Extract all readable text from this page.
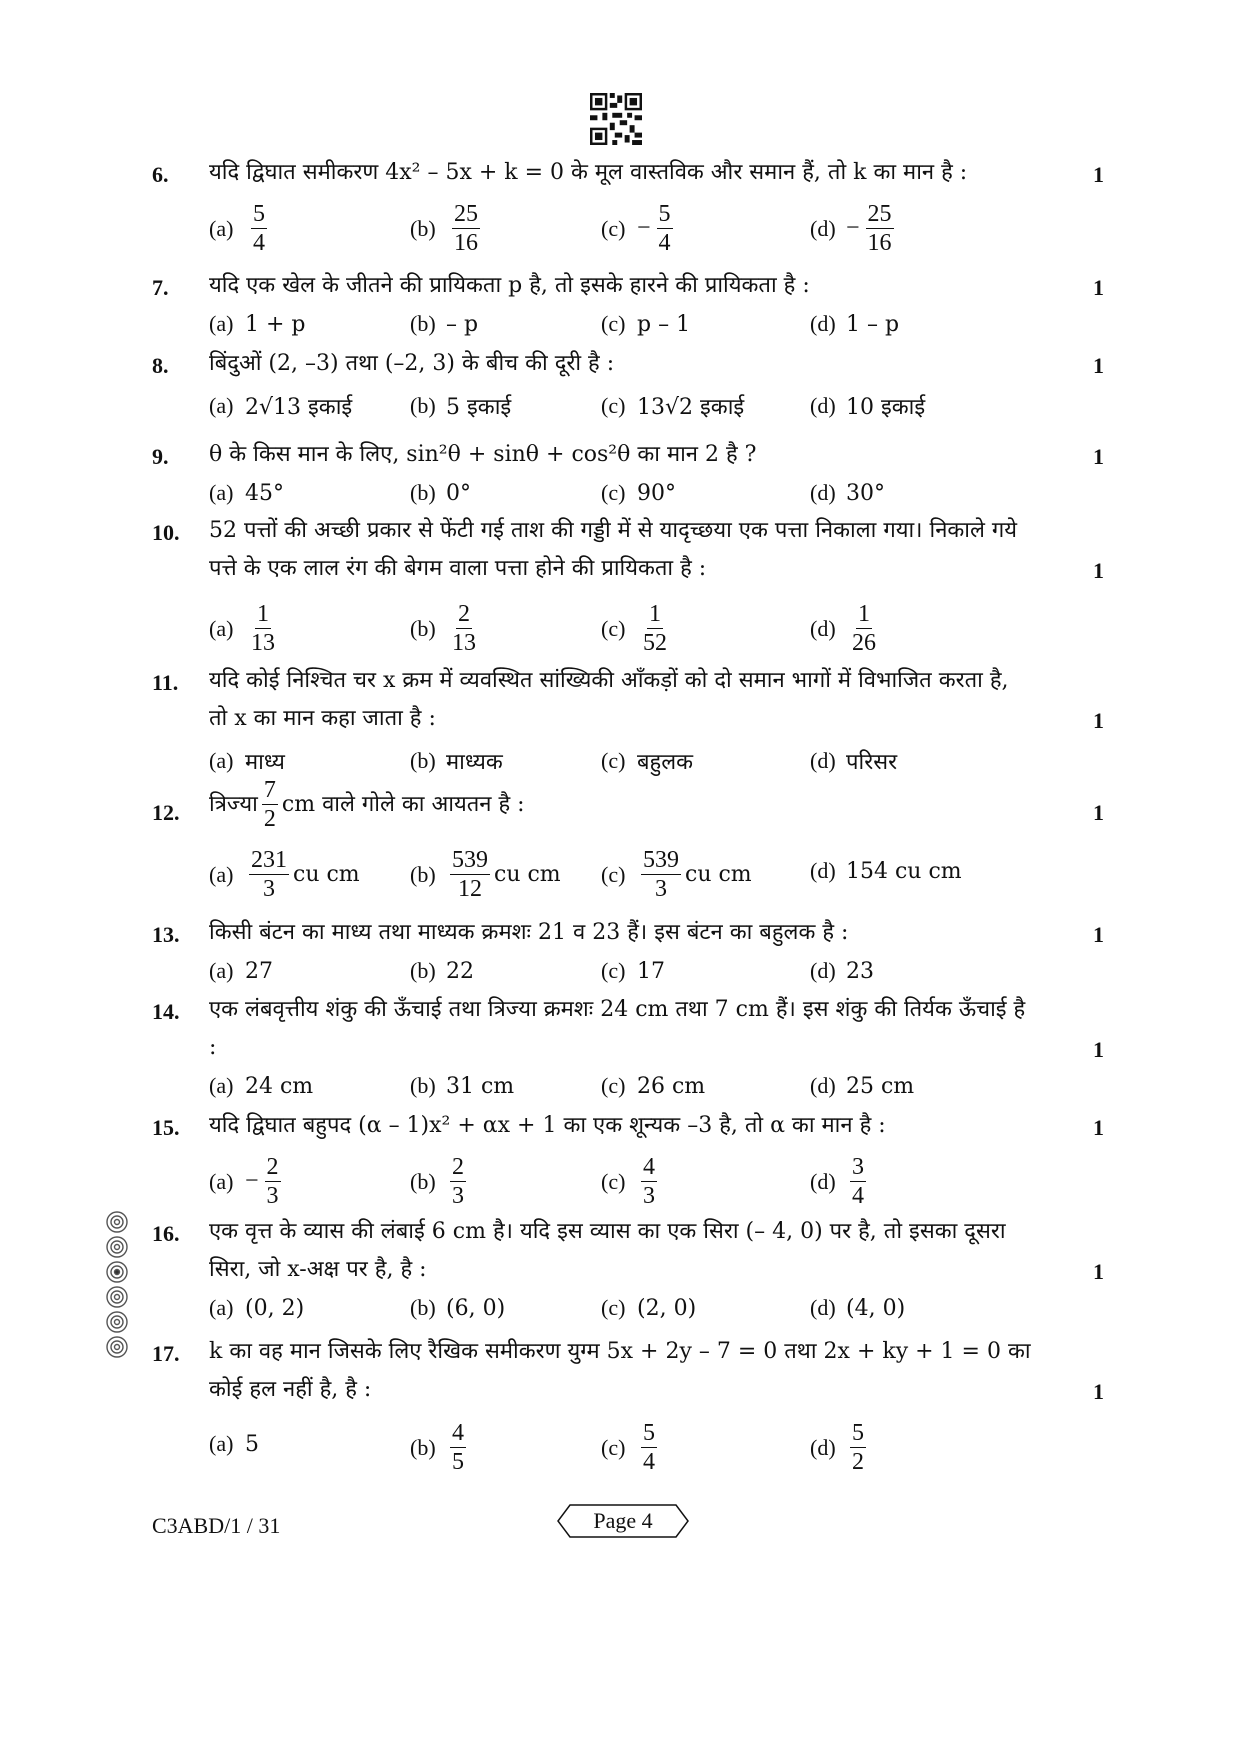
6.	यदि द्विघात समीकरण 4x² – 5x + k = 0 के मूल वास्तविक और समान हैं, तो k का मान है :	1
$(a) \frac{5}{4}$	$(b) \frac{25}{16}$	$(c) - \frac{5}{4}$	$(d) - \frac{25}{16}$
7.	यदि एक खेल के जीतने की प्रायिकता p है, तो इसके हारने की प्रायिकता है :	1
(a) 1 + p	(b) – p	(c) p – 1	(d) 1 – p
8.	बिंदुओं (2, –3) तथा (–2, 3) के बीच की दूरी है :	1
(a) 2√13 इकाई	(b) 5 इकाई	(c) 13√2 इकाई	(d) 10 इकाई
9.	θ के किस मान के लिए, sin²θ + sinθ + cos²θ का मान 2 है ?	1
(a) 45°	(b) 0°	(c) 90°	(d) 30°
10.	52 पत्तों की अच्छी प्रकार से फेंटी गई ताश की गड्डी में से यादृच्छया एक पत्ता निकाला गया। निकाले गये पत्ते के एक लाल रंग की बेगम वाला पत्ता होने की प्रायिकता है :	1
$(a) \frac{1}{13}$	$(b) \frac{2}{13}$	$(c) \frac{1}{52}$	$(d) \frac{1}{26}$
11.	यदि कोई निश्चित चर x क्रम में व्यवस्थित सांख्यिकी आँकड़ों को दो समान भागों में विभाजित करता है, तो x का मान कहा जाता है :	1
(a) माध्य	(b) माध्यक	(c) बहुलक	(d) परिसर
12.	त्रिज्या $\frac{7}{2}$ cm वाले गोले का आयतन है :	1
$(a) \frac{231}{3}$ cu cm $(b) \frac{539}{12}$ cu cm $(c) \frac{539}{3}$ cu cm	(d) 154 cu cm
13.	किसी बंटन का माध्य तथा माध्यक क्रमशः 21 व 23 हैं। इस बंटन का बहुलक है :	1
(a) 27	(b) 22	(c) 17	(d) 23
14.	एक लंबवृत्तीय शंकु की ऊँचाई तथा त्रिज्या क्रमशः 24 cm तथा 7 cm हैं। इस शंकु की तिर्यक ऊँचाई है :	1
(a) 24 cm	(b) 31 cm	(c) 26 cm	(d) 25 cm
15.	यदि द्विघात बहुपद (α – 1)x² + αx + 1 का एक शून्यक –3 है, तो α का मान है :	1
$(a) - \frac{2}{3}$	$(b) \frac{2}{3}$	$(c) \frac{4}{3}$	$(d) \frac{3}{4}$
16.	एक वृत्त के व्यास की लंबाई 6 cm है। यदि इस व्यास का एक सिरा (– 4, 0) पर है, तो इसका दूसरा सिरा, जो x-अक्ष पर है, है :	1
(a) (0, 2)	(b) (6, 0)	(c) (2, 0)	(d) (4, 0)
17.	k का वह मान जिसके लिए रैखिक समीकरण युग्म 5x + 2y – 7 = 0 तथा 2x + ky + 1 = 0 का कोई हल नहीं है, है :	1
(a) 5	$(b) \frac{4}{5}$	$(c) \frac{5}{4}$	$(d) \frac{5}{2}$
C3ABD/1 / 31	Page 4
